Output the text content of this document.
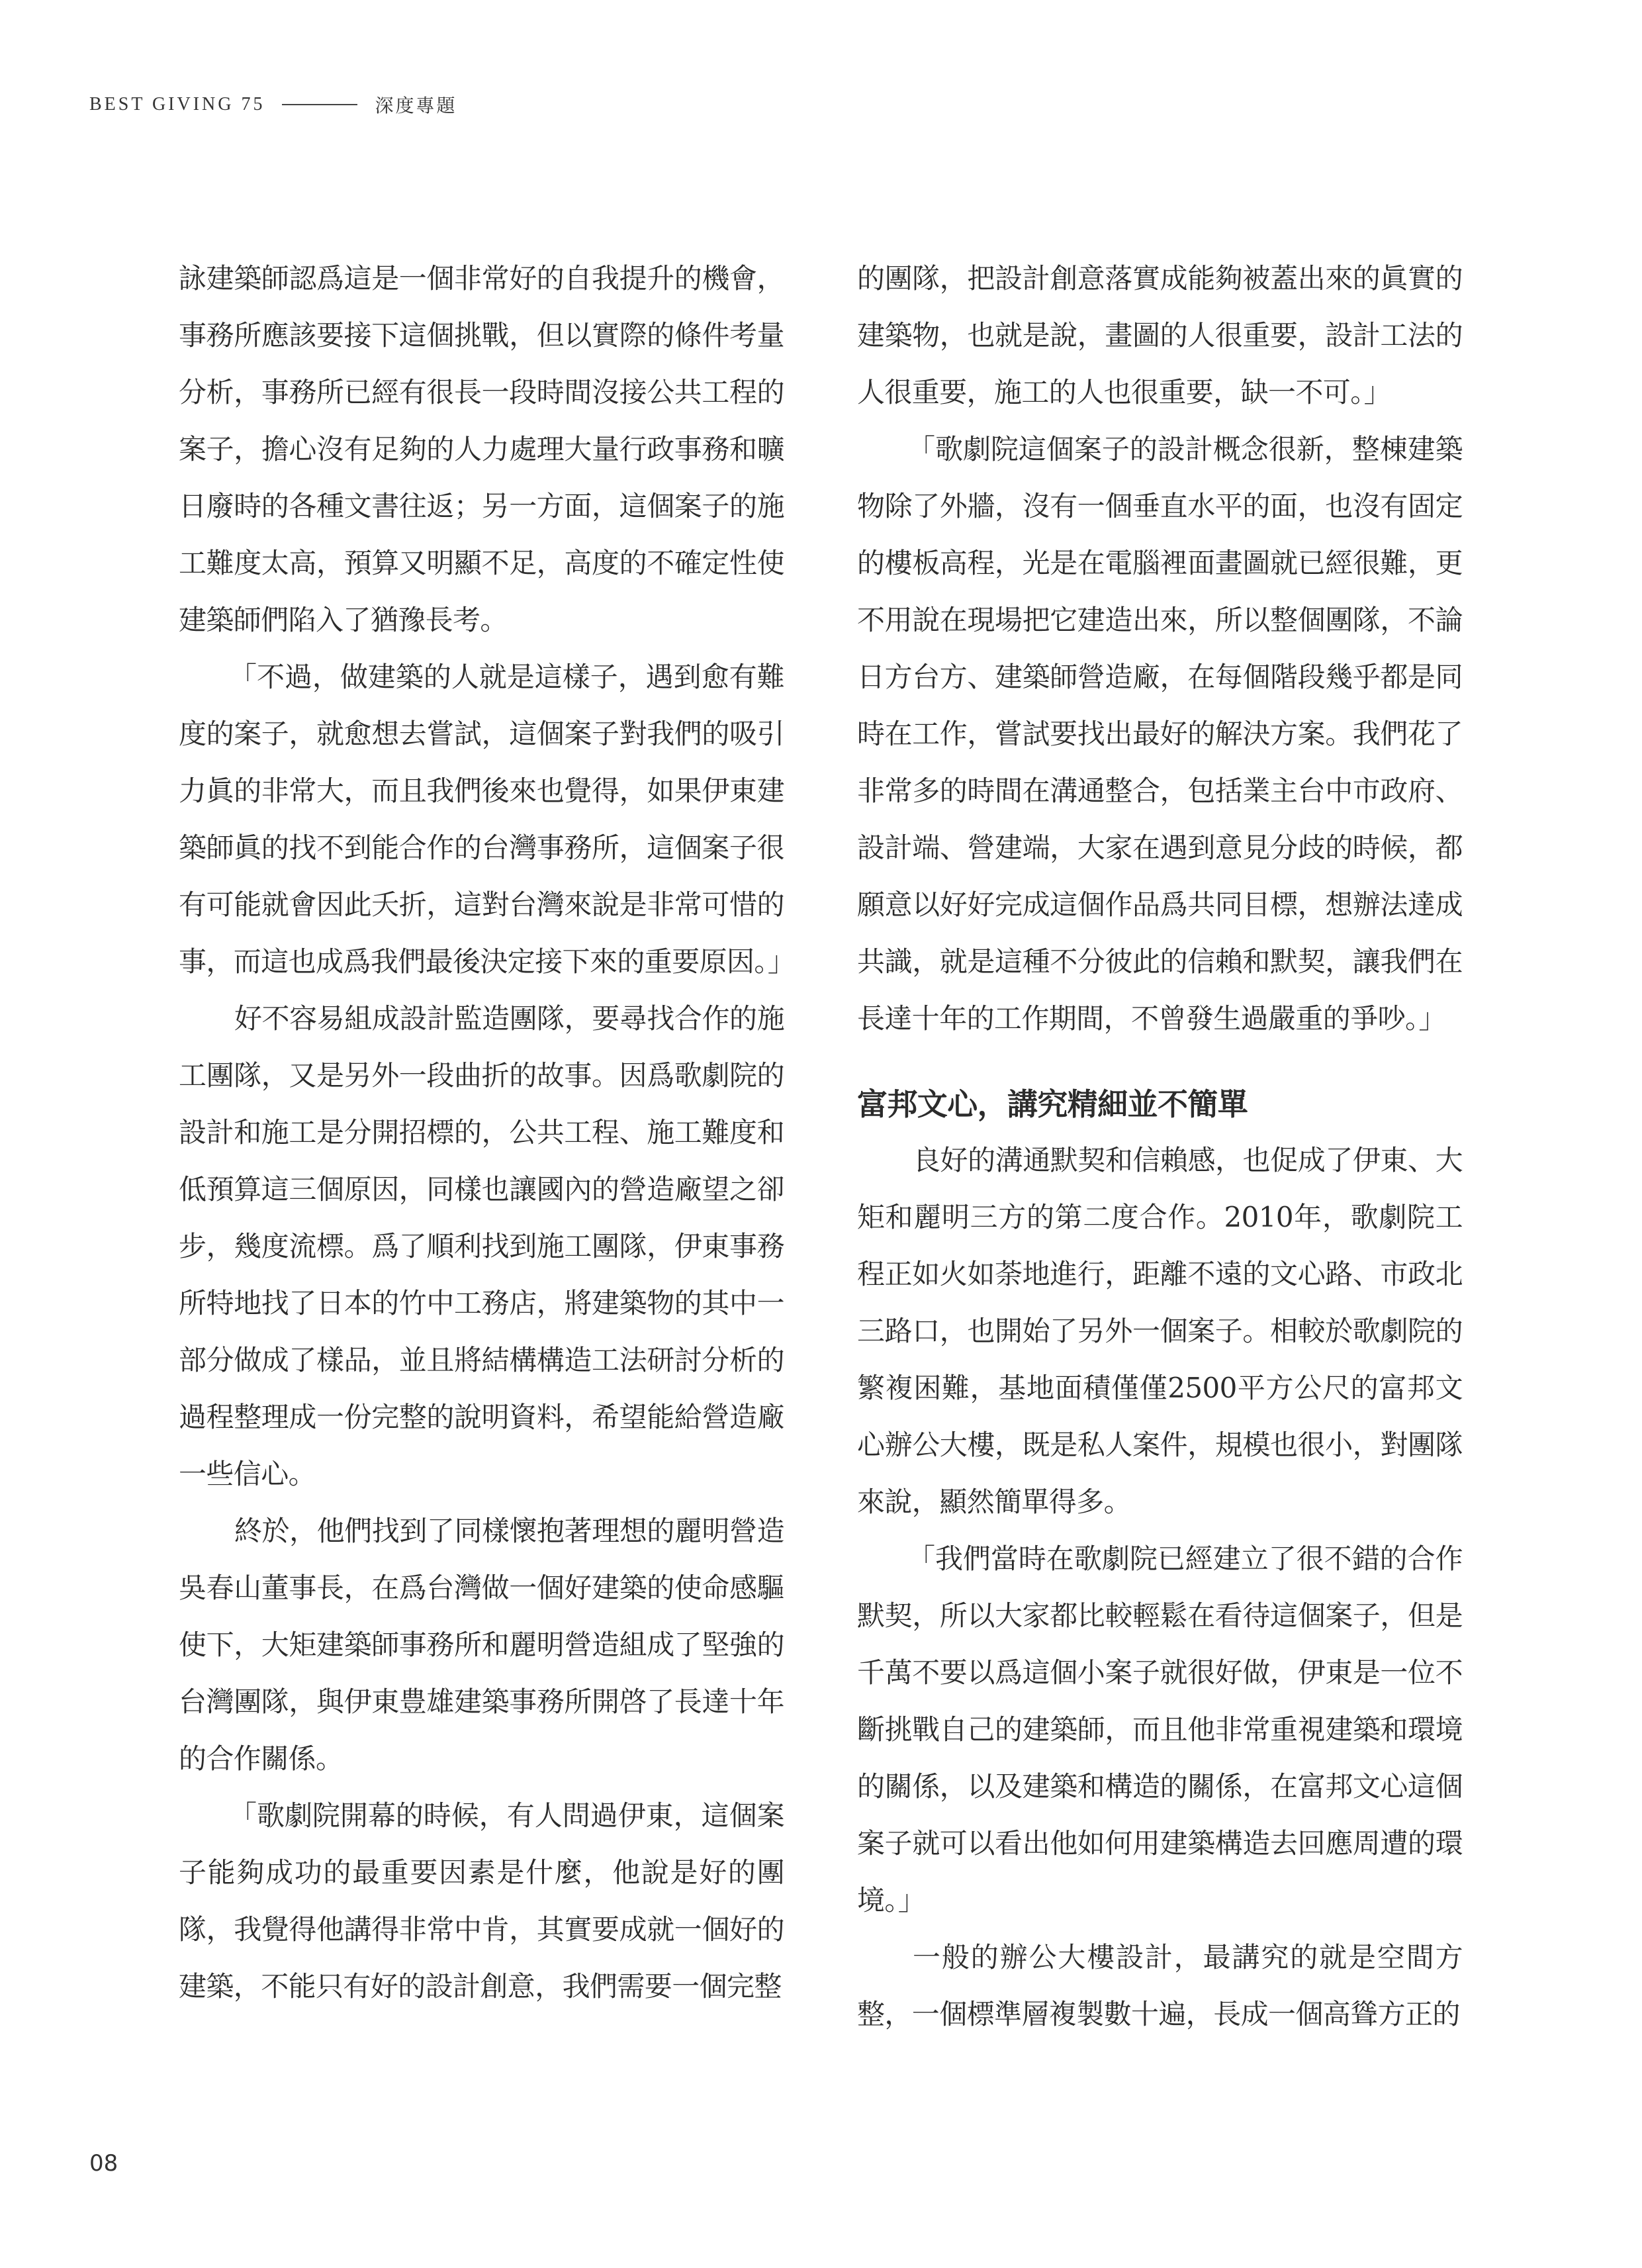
BEST GIVING 75	深度專題

詠建築師認爲這是一個非常好的自我提升的機會，事務所應該要接下這個挑戰，但以實際的條件考量分析，事務所已經有很長一段時間沒接公共工程的案子，擔心沒有足夠的人力處理大量行政事務和曠日廢時的各種文書往返；另一方面，這個案子的施工難度太高，預算又明顯不足，高度的不確定性使建築師們陷入了猶豫長考。

「不過，做建築的人就是這樣子，遇到愈有難度的案子，就愈想去嘗試，這個案子對我們的吸引力眞的非常大，而且我們後來也覺得，如果伊東建築師眞的找不到能合作的台灣事務所，這個案子很有可能就會因此夭折，這對台灣來說是非常可惜的事，而這也成爲我們最後決定接下來的重要原因。」

好不容易組成設計監造團隊，要尋找合作的施工團隊，又是另外一段曲折的故事。因爲歌劇院的設計和施工是分開招標的，公共工程、施工難度和低預算這三個原因，同樣也讓國內的營造廠望之卻步，幾度流標。爲了順利找到施工團隊，伊東事務所特地找了日本的竹中工務店，將建築物的其中一部分做成了樣品，並且將結構構造工法研討分析的過程整理成一份完整的說明資料，希望能給營造廠一些信心。

終於，他們找到了同樣懷抱著理想的麗明營造吳春山董事長，在爲台灣做一個好建築的使命感驅使下，大矩建築師事務所和麗明營造組成了堅強的台灣團隊，與伊東豊雄建築事務所開啓了長達十年的合作關係。

「歌劇院開幕的時候，有人問過伊東，這個案子能夠成功的最重要因素是什麼，他說是好的團隊，我覺得他講得非常中肯，其實要成就一個好的建築，不能只有好的設計創意，我們需要一個完整

的團隊，把設計創意落實成能夠被蓋出來的眞實的建築物，也就是說，畫圖的人很重要，設計工法的人很重要，施工的人也很重要，缺一不可。」

「歌劇院這個案子的設計概念很新，整棟建築物除了外牆，沒有一個垂直水平的面，也沒有固定的樓板高程，光是在電腦裡面畫圖就已經很難，更不用說在現場把它建造出來，所以整個團隊，不論日方台方、建築師營造廠，在每個階段幾乎都是同時在工作，嘗試要找出最好的解決方案。我們花了非常多的時間在溝通整合，包括業主台中市政府、設計端、營建端，大家在遇到意見分歧的時候，都願意以好好完成這個作品爲共同目標，想辦法達成共識，就是這種不分彼此的信賴和默契，讓我們在長達十年的工作期間，不曾發生過嚴重的爭吵。」

富邦文心，講究精細並不簡單

良好的溝通默契和信賴感，也促成了伊東、大矩和麗明三方的第二度合作。2010年，歌劇院工程正如火如荼地進行，距離不遠的文心路、市政北三路口，也開始了另外一個案子。相較於歌劇院的繁複困難，基地面積僅僅2500平方公尺的富邦文心辦公大樓，既是私人案件，規模也很小，對團隊來說，顯然簡單得多。

「我們當時在歌劇院已經建立了很不錯的合作默契，所以大家都比較輕鬆在看待這個案子，但是千萬不要以爲這個小案子就很好做，伊東是一位不斷挑戰自己的建築師，而且他非常重視建築和環境的關係，以及建築和構造的關係，在富邦文心這個案子就可以看出他如何用建築構造去回應周遭的環境。」

一般的辦公大樓設計，最講究的就是空間方整，一個標準層複製數十遍，長成一個高聳方正的

08
